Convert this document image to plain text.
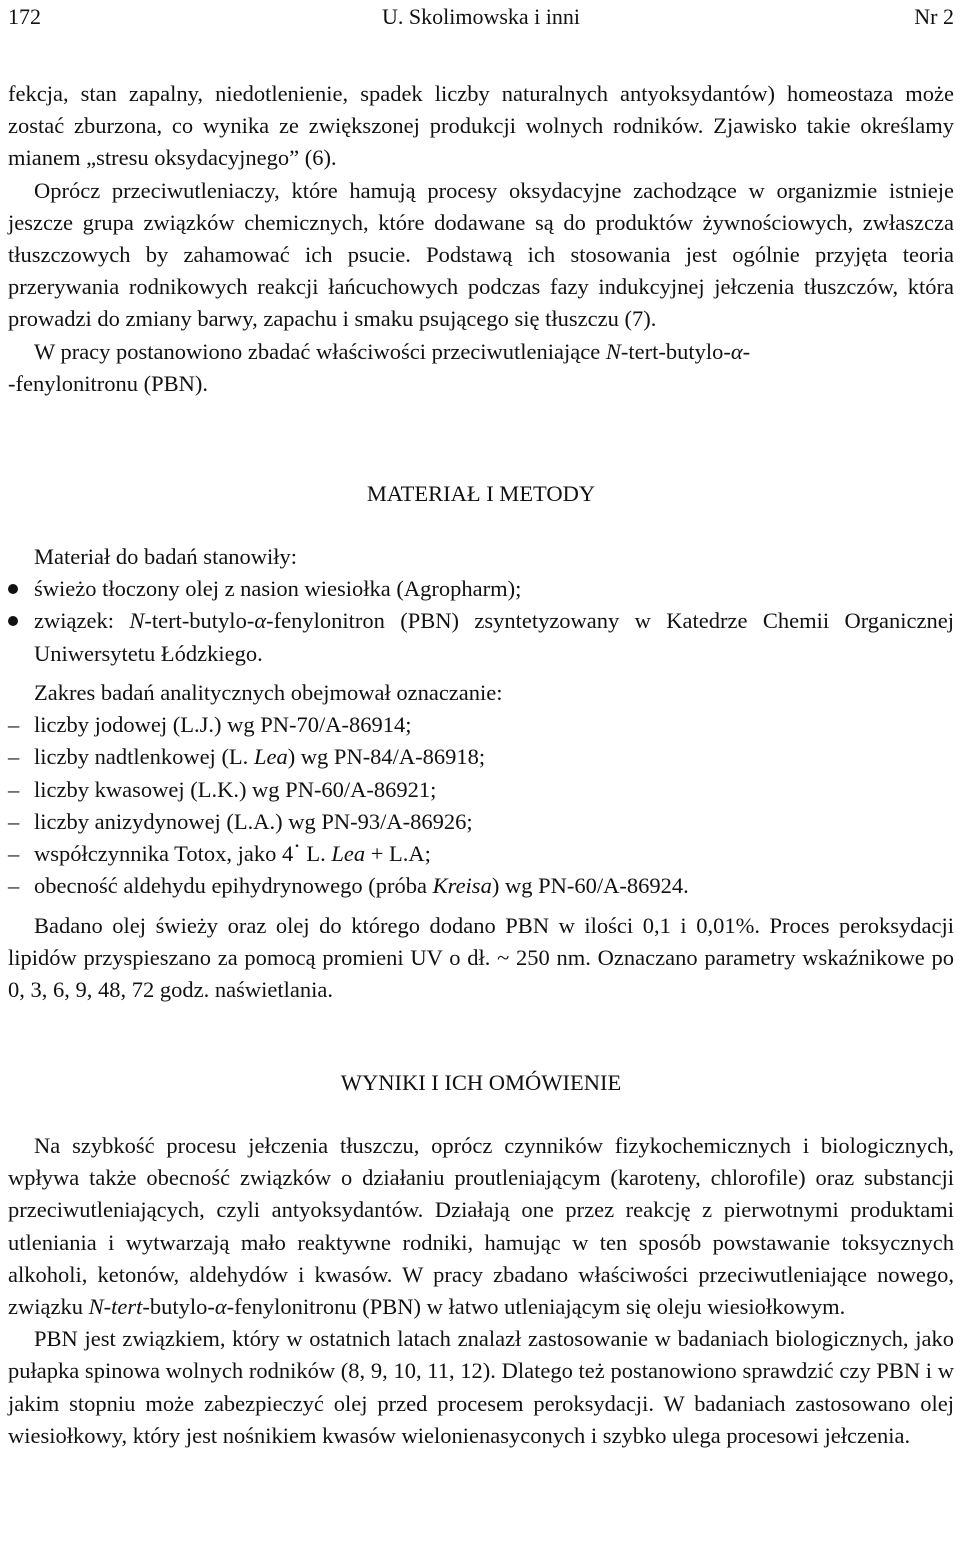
172	U. Skolimowska i inni	Nr 2

fekcja, stan zapalny, niedotlenienie, spadek liczby naturalnych antyoksydantów) homeostaza może zostać zburzona, co wynika ze zwiększonej produkcji wolnych rodników. Zjawisko takie określamy mianem „stresu oksydacyjnego” (6).

Oprócz przeciwutleniaczy, które hamują procesy oksydacyjne zachodzące w organizmie istnieje jeszcze grupa związków chemicznych, które dodawane są do produktów żywnościowych, zwłaszcza tłuszczowych by zahamować ich psucie. Podstawą ich stosowania jest ogólnie przyjęta teoria przerywania rodnikowych reakcji łańcuchowych podczas fazy indukcyjnej jełczenia tłuszczów, która prowadzi do zmiany barwy, zapachu i smaku psującego się tłuszczu (7).

W pracy postanowiono zbadać właściwości przeciwutleniające N-tert-butylo-α-
-fenylonitronu (PBN).

MATERIAŁ I METODY
Materiał do badań stanowiły:
świeżo tłoczony olej z nasion wiesiołka (Agropharm);
związek: N-tert-butylo-α-fenylonitron (PBN) zsyntetyzowany w Katedrze Chemii Organicznej Uniwersytetu Łódzkiego.
Zakres badań analitycznych obejmował oznaczanie:
– liczby jodowej (L.J.) wg PN-70/A-86914;
– liczby nadtlenkowej (L. Lea) wg PN-84/A-86918;
– liczby kwasowej (L.K.) wg PN-60/A-86921;
– liczby anizydynowej (L.A.) wg PN-93/A-86926;
– współczynnika Totox, jako 4· L. Lea + L.A;
– obecność aldehydu epihydrynowego (próba Kreisa) wg PN-60/A-86924.

Badano olej świeży oraz olej do którego dodano PBN w ilości 0,1 i 0,01%. Proces peroksydacji lipidów przyspieszano za pomocą promieni UV o dł. ~ 250 nm. Oznaczano parametry wskaźnikowe po 0, 3, 6, 9, 48, 72 godz. naświetlania.

WYNIKI I ICH OMÓWIENIE

Na szybkość procesu jełczenia tłuszczu, oprócz czynników fizykochemicznych i biologicznych, wpływa także obecność związków o działaniu proutleniającym (karoteny, chlorofile) oraz substancji przeciwutleniających, czyli antyoksydantów. Działają one przez reakcję z pierwotnymi produktami utleniania i wytwarzają mało reaktywne rodniki, hamując w ten sposób powstawanie toksycznych alkoholi, ketonów, aldehydów i kwasów. W pracy zbadano właściwości przeciwutleniające nowego, związku N-tert-butylo-α-fenylonitronu (PBN) w łatwo utleniającym się oleju wiesiołkowym.

PBN jest związkiem, który w ostatnich latach znalazł zastosowanie w badaniach biologicznych, jako pułapka spinowa wolnych rodników (8, 9, 10, 11, 12). Dlatego też postanowiono sprawdzić czy PBN i w jakim stopniu może zabezpieczyć olej przed procesem peroksydacji. W badaniach zastosowano olej wiesiołkowy, który jest nośnikiem kwasów wielonienasyconych i szybko ulega procesowi jełczenia.
